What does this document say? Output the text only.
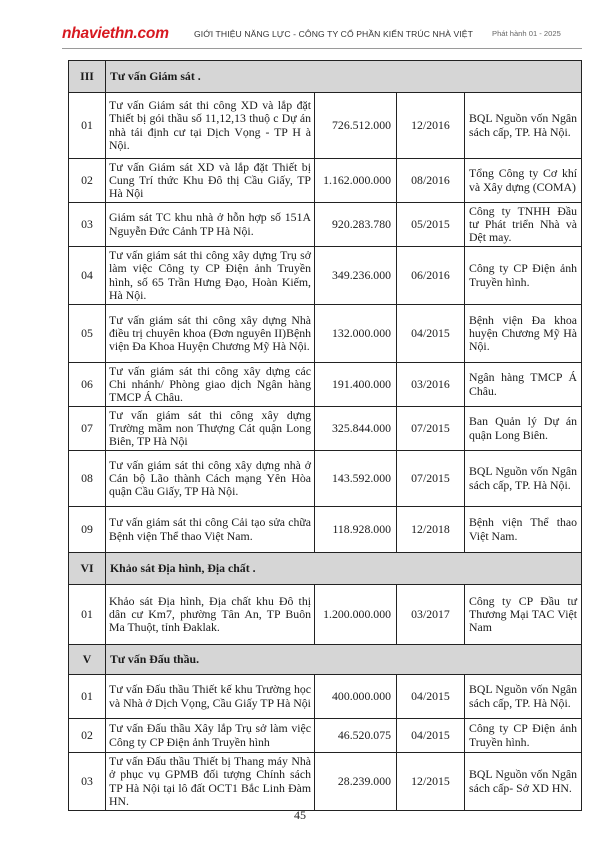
nhaviethn.com	GIỚI THIỆU NĂNG LỰC - CÔNG TY CỔ PHẦN KIẾN TRÚC NHÀ VIỆT	Phát hành 01 - 2025
III	Tư vấn Giám sát .			
01	Tư vấn Giám sát thi công XD và lắp đặt Thiết bị gói thầu số 11,12,13 thuộ c Dự án nhà tái định cư tại Dịch Vọng - TP H à Nội.	726.512.000	12/2016	BQL Nguồn vốn Ngân sách cấp, TP. Hà Nội.
02	Tư vấn Giám sát XD và lắp đặt Thiết bị Cung Trí thức Khu Đô thị Cầu Giấy, TP Hà Nội	1.162.000.000	08/2016	Tổng Công ty Cơ khí và Xây dựng (COMA)
03	Giám sát TC khu nhà ở hỗn hợp số 151A Nguyễn Đức Cảnh TP Hà Nội.	920.283.780	05/2015	Công ty TNHH Đầu tư Phát triển Nhà và Dệt may.
04	Tư vấn giám sát thi công xây dựng Trụ sở làm việc Công ty CP Điện ảnh Truyền hình, số 65 Trần Hưng Đạo, Hoàn Kiếm, Hà Nội.	349.236.000	06/2016	Công ty CP Điện ảnh Truyền hình.
05	Tư vấn giám sát thi công xây dựng Nhà điều trị chuyên khoa (Đơn nguyên II)Bệnh viện Đa Khoa Huyện Chương Mỹ Hà Nội.	132.000.000	04/2015	Bệnh viện Đa khoa huyện Chương Mỹ Hà Nội.
06	Tư vấn giám sát thi công xây dựng các Chi nhánh/ Phòng giao dịch Ngân hàng TMCP Á Châu.	191.400.000	03/2016	Ngân hàng TMCP Á Châu.
07	Tư vấn giám sát thi công xây dựng Trường mầm non Thượng Cát quận Long Biên, TP Hà Nội	325.844.000	07/2015	Ban Quản lý Dự án quận Long Biên.
08	Tư vấn giám sát thi công xây dựng nhà ở Cán bộ Lão thành Cách mạng Yên Hòa quận Cầu Giấy, TP Hà Nội.	143.592.000	07/2015	BQL Nguồn vốn Ngân sách cấp, TP. Hà Nội.
09	Tư vấn giám sát thi công Cải tạo sửa chữa Bệnh viện Thể thao Việt Nam.	118.928.000	12/2018	Bệnh viện Thể thao Việt Nam.
VI	Khảo sát Địa hình, Địa chất .			
01	Khảo sát Địa hình, Địa chất khu Đô thị dân cư Km7, phường Tân An, TP Buôn Ma Thuột, tỉnh Đaklak.	1.200.000.000	03/2017	Công ty CP Đầu tư Thương Mại TAC Việt Nam
V	Tư vấn Đấu thầu.			
01	Tư vấn Đấu thầu Thiết kế khu Trường học và Nhà ở Dịch Vọng, Cầu Giấy TP Hà Nội	400.000.000	04/2015	BQL Nguồn vốn Ngân sách cấp, TP. Hà Nội.
02	Tư vấn Đấu thầu Xây lắp Trụ sở làm việc Công ty CP Điện ảnh Truyền hình	46.520.075	04/2015	Công ty CP Điện ảnh Truyền hình.
03	Tư vấn Đấu thầu Thiết bị Thang máy Nhà ở phục vụ GPMB đối tượng Chính sách TP Hà Nội tại lô đất OCT1 Bắc Linh Đàm HN.	28.239.000	12/2015	BQL Nguồn vốn Ngân sách cấp- Sở XD HN.
45
